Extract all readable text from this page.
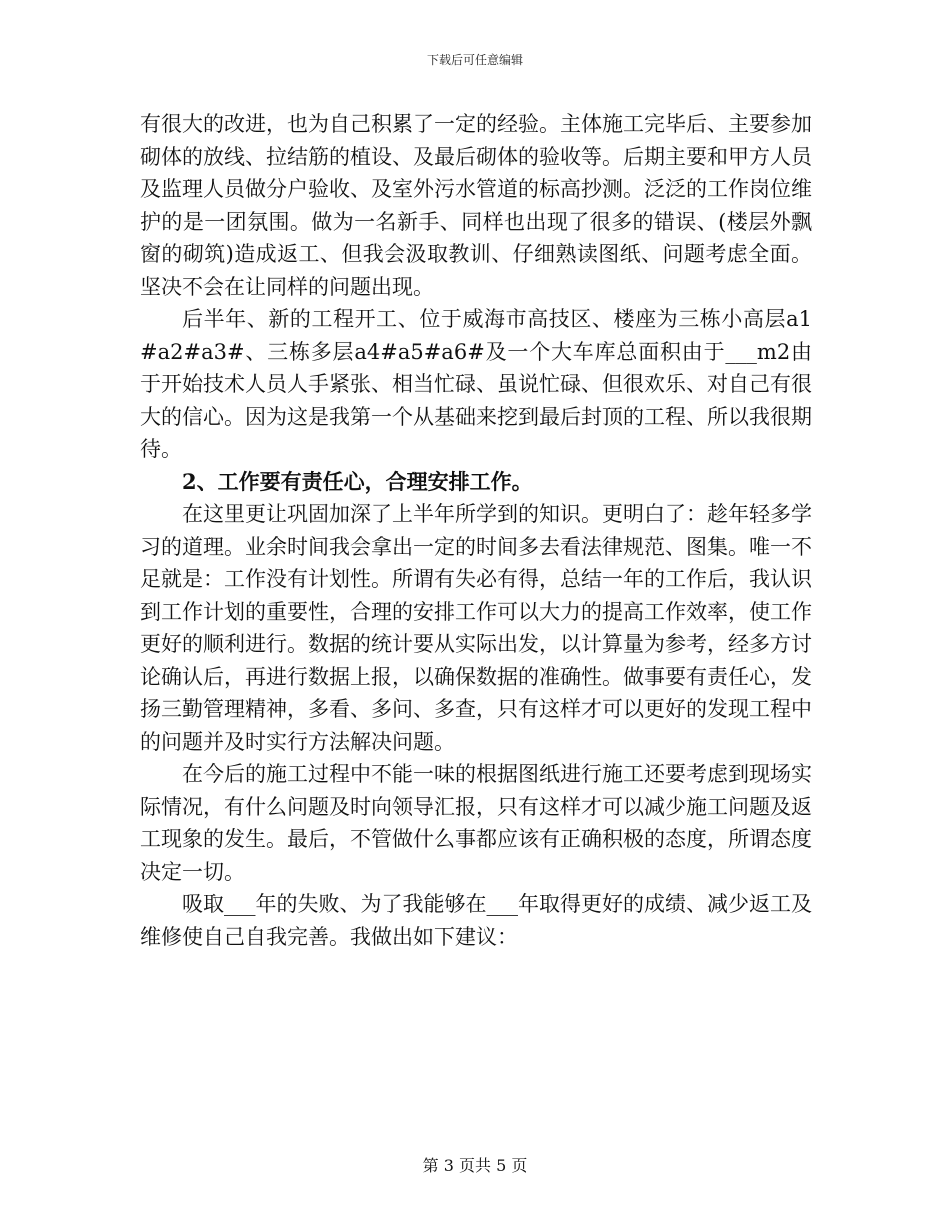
下载后可任意编辑

有很大的改进，也为自己积累了一定的经验。主体施工完毕后、主要参加砌体的放线、拉结筋的植设、及最后砌体的验收等。后期主要和甲方人员及监理人员做分户验收、及室外污水管道的标高抄测。泛泛的工作岗位维护的是一团氛围。做为一名新手、同样也出现了很多的错误、(楼层外飘窗的砌筑)造成返工、但我会汲取教训、仔细熟读图纸、问题考虑全面。坚决不会在让同样的问题出现。

后半年、新的工程开工、位于威海市高技区、楼座为三栋小高层a1#a2#a3#、三栋多层a4#a5#a6#及一个大车库总面积由于___m2由于开始技术人员人手紧张、相当忙碌、虽说忙碌、但很欢乐、对自己有很大的信心。因为这是我第一个从基础来挖到最后封顶的工程、所以我很期待。

2、工作要有责任心，合理安排工作。

在这里更让巩固加深了上半年所学到的知识。更明白了：趁年轻多学习的道理。业余时间我会拿出一定的时间多去看法律规范、图集。唯一不足就是：工作没有计划性。所谓有失必有得，总结一年的工作后，我认识到工作计划的重要性，合理的安排工作可以大力的提高工作效率，使工作更好的顺利进行。数据的统计要从实际出发，以计算量为参考，经多方讨论确认后，再进行数据上报，以确保数据的准确性。做事要有责任心，发扬三勤管理精神，多看、多问、多查，只有这样才可以更好的发现工程中的问题并及时实行方法解决问题。

在今后的施工过程中不能一味的根据图纸进行施工还要考虑到现场实际情况，有什么问题及时向领导汇报，只有这样才可以减少施工问题及返工现象的发生。最后，不管做什么事都应该有正确积极的态度，所谓态度决定一切。

吸取___年的失败、为了我能够在___年取得更好的成绩、减少返工及维修使自己自我完善。我做出如下建议：

第 3 页共 5 页
